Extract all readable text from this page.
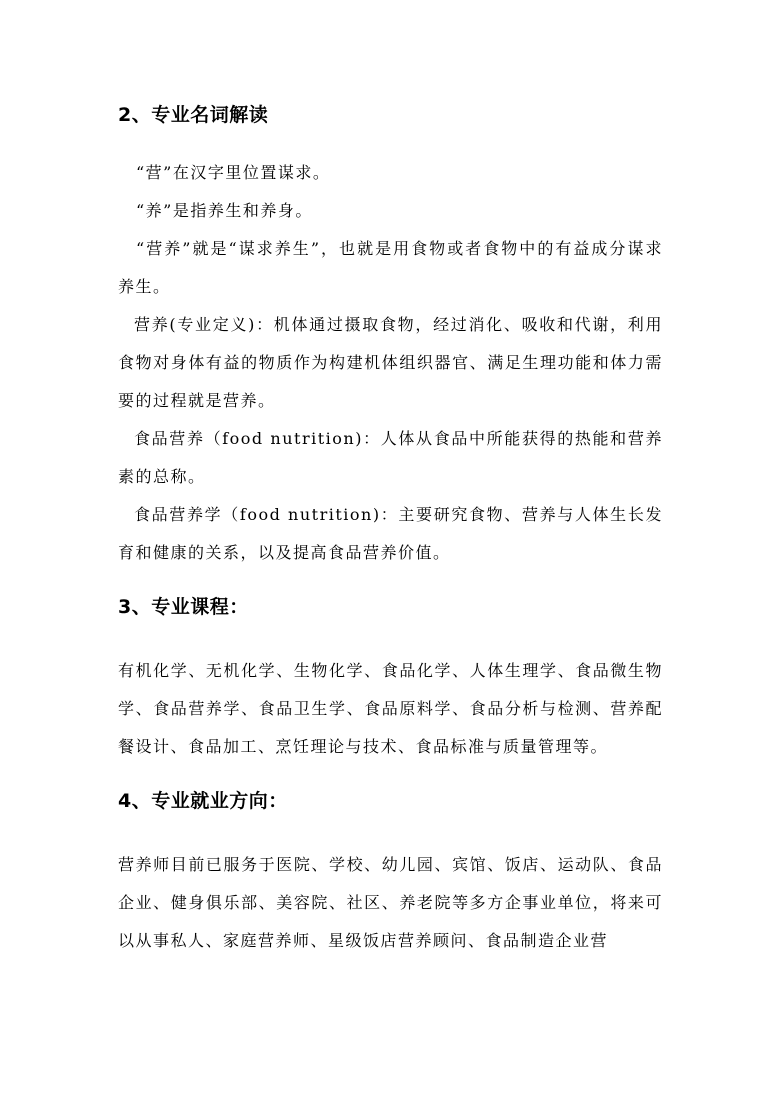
2、专业名词解读

“营”在汉字里位置谋求。

“养”是指养生和养身。

“营养”就是“谋求养生”，也就是用食物或者食物中的有益成分谋求养生。

营养(专业定义)：机体通过摄取食物，经过消化、吸收和代谢，利用食物对身体有益的物质作为构建机体组织器官、满足生理功能和体力需要的过程就是营养。

食品营养（food nutrition)：人体从食品中所能获得的热能和营养素的总称。

食品营养学（food nutrition)：主要研究食物、营养与人体生长发育和健康的关系，以及提高食品营养价值。

3、专业课程：

有机化学、无机化学、生物化学、食品化学、人体生理学、食品微生物学、食品营养学、食品卫生学、食品原料学、食品分析与检测、营养配餐设计、食品加工、烹饪理论与技术、食品标准与质量管理等。

4、专业就业方向：

营养师目前已服务于医院、学校、幼儿园、宾馆、饭店、运动队、食品企业、健身俱乐部、美容院、社区、养老院等多方企事业单位，将来可以从事私人、家庭营养师、星级饭店营养顾问、食品制造企业营
